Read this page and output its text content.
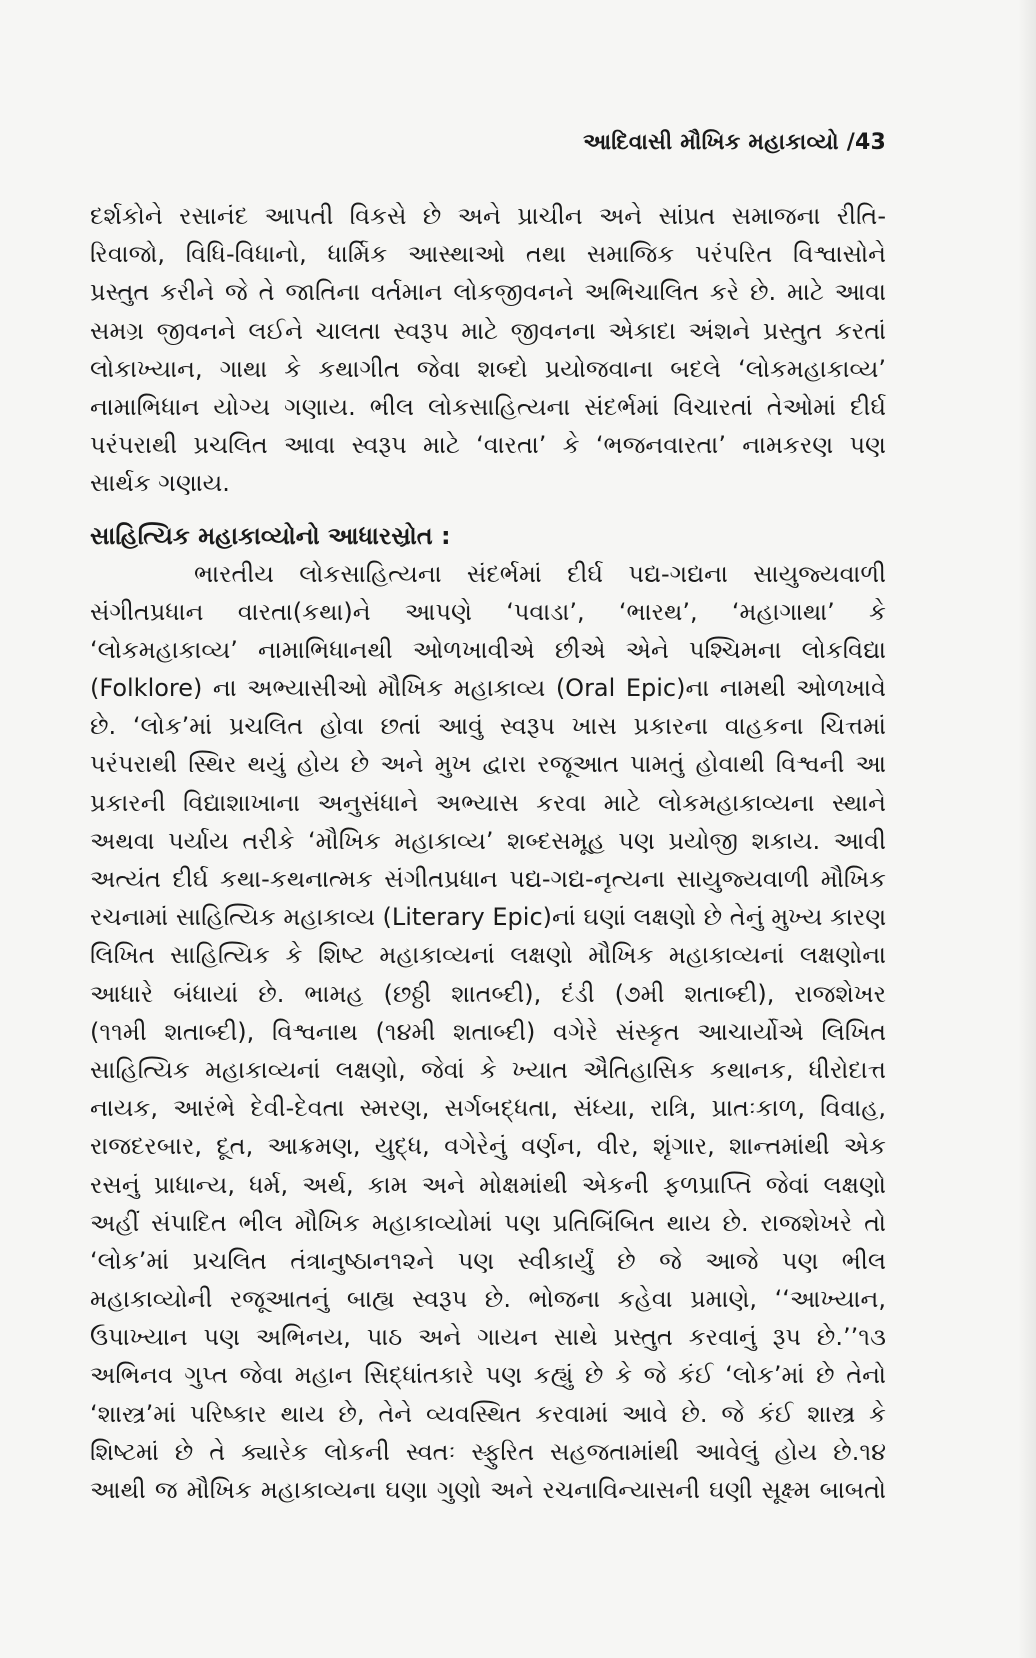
આદિવાસી મૌખિક મહાકાવ્યો /43
દર્શકોને રસાનંદ આપતી વિકસે છે અને પ્રાચીન અને સાંપ્રત સમાજના રીતિ-
રિવાજો, વિધિ-વિધાનો, ધાર્મિક આસ્થાઓ તથા સમાજિક પરંપરિત વિશ્વાસોને
પ્રસ્તુત કરીને જે તે જાતિના વર્તમાન લોકજીવનને અભિચાલિત કરે છે. માટે આવા
સમગ્ર જીવનને લઈને ચાલતા સ્વરૂપ માટે જીવનના એકાદા અંશને પ્રસ્તુત કરતાં
લોકાખ્યાન, ગાથા કે કથાગીત જેવા શબ્દો પ્રયોજવાના બદલે ‘લોકમહાકાવ્ય’
નામાભિધાન યોગ્ય ગણાય. ભીલ લોકસાહિત્યના સંદર્ભમાં વિચારતાં તેઓમાં દીર્ઘ
પરંપરાથી પ્રચલિત આવા સ્વરૂપ માટે ‘વારતા’ કે ‘ભજનવારતા’ નામકરણ પણ
સાર્થક ગણાય.
સાહિત્યિક મહાકાવ્યોનો આધારસ્રોત :
ભારતીય લોકસાહિત્યના સંદર્ભમાં દીર્ઘ પદ્ય-ગદ્યના સાયુજ્યવાળી
સંગીતપ્રધાન વારતા(કથા)ને આપણે ‘પવાડા’, ‘ભારથ’, ‘મહાગાથા’ કે
‘લોકમહાકાવ્ય’ નામાભિધાનથી ઓળખાવીએ છીએ એને પશ્ચિમના લોકવિદ્યા
(Folklore) ના અભ્યાસીઓ મૌખિક મહાકાવ્ય (Oral Epic)ના નામથી ઓળખાવે
છે. ‘લોક’માં પ્રચલિત હોવા છતાં આવું સ્વરૂપ ખાસ પ્રકારના વાહકના ચિત્તમાં
પરંપરાથી સ્થિર થયું હોય છે અને મુખ દ્વારા રજૂઆત પામતું હોવાથી વિશ્વની આ
પ્રકારની વિદ્યાશાખાના અનુસંધાને અભ્યાસ કરવા માટે લોકમહાકાવ્યના સ્થાને
અથવા પર્યાય તરીકે ‘મૌખિક મહાકાવ્ય’ શબ્દસમૂહ પણ પ્રયોજી શકાય. આવી
અત્યંત દીર્ઘ કથા-કથનાત્મક સંગીતપ્રધાન પદ્ય-ગદ્ય-નૃત્યના સાયુજ્યવાળી મૌખિક
રચનામાં સાહિત્યિક મહાકાવ્ય (Literary Epic)નાં ઘણાં લક્ષણો છે તેનું મુખ્ય કારણ
લિખિત સાહિત્યિક કે શિષ્ટ મહાકાવ્યનાં લક્ષણો મૌખિક મહાકાવ્યનાં લક્ષણોના
આધારે બંધાયાં છે. ભામહ (છઠ્ઠી શાતબ્દી), દંડી (૭મી શતાબ્દી), રાજશેખર
(૧૧મી શતાબ્દી), વિશ્વનાથ (૧૪મી શતાબ્દી) વગેરે સંસ્કૃત આચાર્યોએ લિખિત
સાહિત્યિક મહાકાવ્યનાં લક્ષણો, જેવાં કે ખ્યાત ઐતિહાસિક કથાનક, ધીરોદાત્ત
નાયક, આરંભે દેવી-દેવતા સ્મરણ, સર્ગબદ્ધતા, સંધ્યા, રાત્રિ, પ્રાતઃકાળ, વિવાહ,
રાજદરબાર, દૂત, આક્રમણ, યુદ્ધ, વગેરેનું વર્ણન, વીર, શૃંગાર, શાન્તમાંથી એક
રસનું પ્રાધાન્ય, ધર્મ, અર્થ, કામ અને મોક્ષમાંથી એકની ફળપ્રાપ્તિ જેવાં લક્ષણો
અહીં સંપાદિત ભીલ મૌખિક મહાકાવ્યોમાં પણ પ્રતિબિંબિત થાય છે. રાજશેખરે તો
‘લોક’માં પ્રચલિત તંત્રાનુષ્ઠાન૧૨ને પણ સ્વીકાર્યું છે જે આજે પણ ભીલ
મહાકાવ્યોની રજૂઆતનું બાહ્ય સ્વરૂપ છે. ભોજના કહેવા પ્રમાણે, ‘‘આખ્યાન,
ઉપાખ્યાન પણ અભિનય, પાઠ અને ગાયન સાથે પ્રસ્તુત કરવાનું રૂપ છે.’’૧૩
અભિનવ ગુપ્ત જેવા મહાન સિદ્ધાંતકારે પણ કહ્યું છે કે જે કંઈ ‘લોક’માં છે તેનો
‘શાસ્ત્ર’માં પરિષ્કાર થાય છે, તેને વ્યવસ્થિત કરવામાં આવે છે. જે કંઈ શાસ્ત્ર કે
શિષ્ટમાં છે તે ક્યારેક લોકની સ્વતઃ સ્ફુરિત સહજતામાંથી આવેલું હોય છે.૧૪
આથી જ મૌખિક મહાકાવ્યના ઘણા ગુણો અને રચનાવિન્યાસની ઘણી સૂક્ષ્મ બાબતો
